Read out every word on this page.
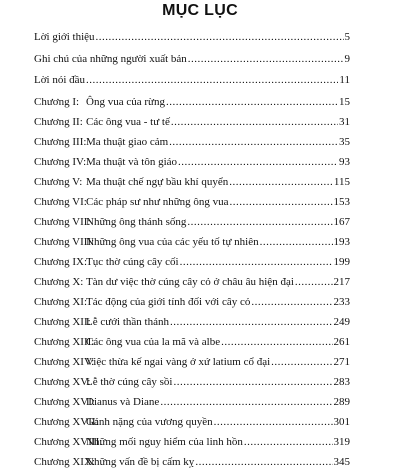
MỤC LỤC
Lời giới thiệu .....	5
Ghi chú của những người xuất bản .....	9
Lời nói đầu .....	11
Chương I: Ông vua của rừng .....	15
Chương II: Các ông vua - tư tế .....	31
Chương III: Ma thuật giao cảm .....	35
Chương IV: Ma thuật và tôn giáo .....	93
Chương V: Ma thuật chế ngự bầu khí quyển .....	115
Chương VI: Các pháp sư như những ông vua .....	153
Chương VII:
Những ông thánh sống .....	167
Chương VIII:
Những ông vua của các yếu tố tự nhiên .....	193
Chương IX:
Tục thờ cúng cây cối .....	199
Chương X: Tàn dư việc thờ cúng cây cỏ ở châu âu hiện đại .....	217
Chương XI:
Tác động của giới tính đối với cây cỏ .....	233
Chương XII:
Lễ cưới thần thánh .....	249
Chương XIII:
Các ông vua của la mã và albe .....	261
Chương XIV:
Việc thừa kế ngai vàng ở xứ latium cổ đại .....	271
Chương XV:
Lễ thờ cúng cây sồi .....	283
Chương XVI:
Dianus và Diane .....	289
Chương XVII:
Gánh nặng của vương quyền .....	301
Chương XVIII:
Những mối nguy hiểm của linh hồn .....	319
Chương XIX:
Những vấn đề bị cấm kỵ .....	345
